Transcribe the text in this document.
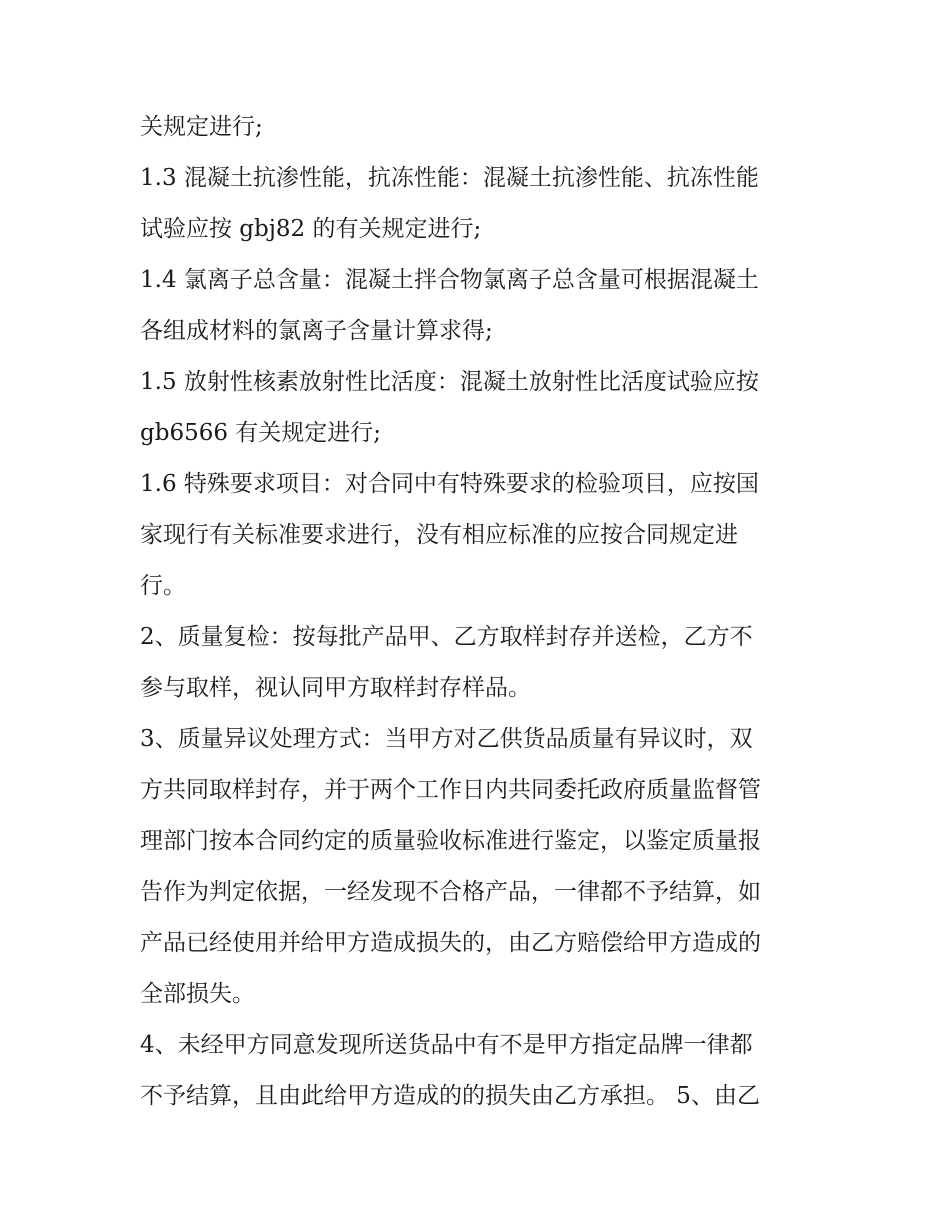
关规定进行;
1.3 混凝土抗渗性能，抗冻性能：混凝土抗渗性能、抗冻性能
试验应按 gbj82 的有关规定进行;
1.4 氯离子总含量：混凝土拌合物氯离子总含量可根据混凝土
各组成材料的氯离子含量计算求得;
1.5 放射性核素放射性比活度：混凝土放射性比活度试验应按
gb6566 有关规定进行;
1.6 特殊要求项目：对合同中有特殊要求的检验项目，应按国
家现行有关标准要求进行，没有相应标准的应按合同规定进
行。
2、质量复检：按每批产品甲、乙方取样封存并送检，乙方不
参与取样，视认同甲方取样封存样品。
3、质量异议处理方式：当甲方对乙供货品质量有异议时，双
方共同取样封存，并于两个工作日内共同委托政府质量监督管
理部门按本合同约定的质量验收标准进行鉴定，以鉴定质量报
告作为判定依据，一经发现不合格产品，一律都不予结算，如
产品已经使用并给甲方造成损失的，由乙方赔偿给甲方造成的
全部损失。
4、未经甲方同意发现所送货品中有不是甲方指定品牌一律都
不予结算，且由此给甲方造成的的损失由乙方承担。 5、由乙
